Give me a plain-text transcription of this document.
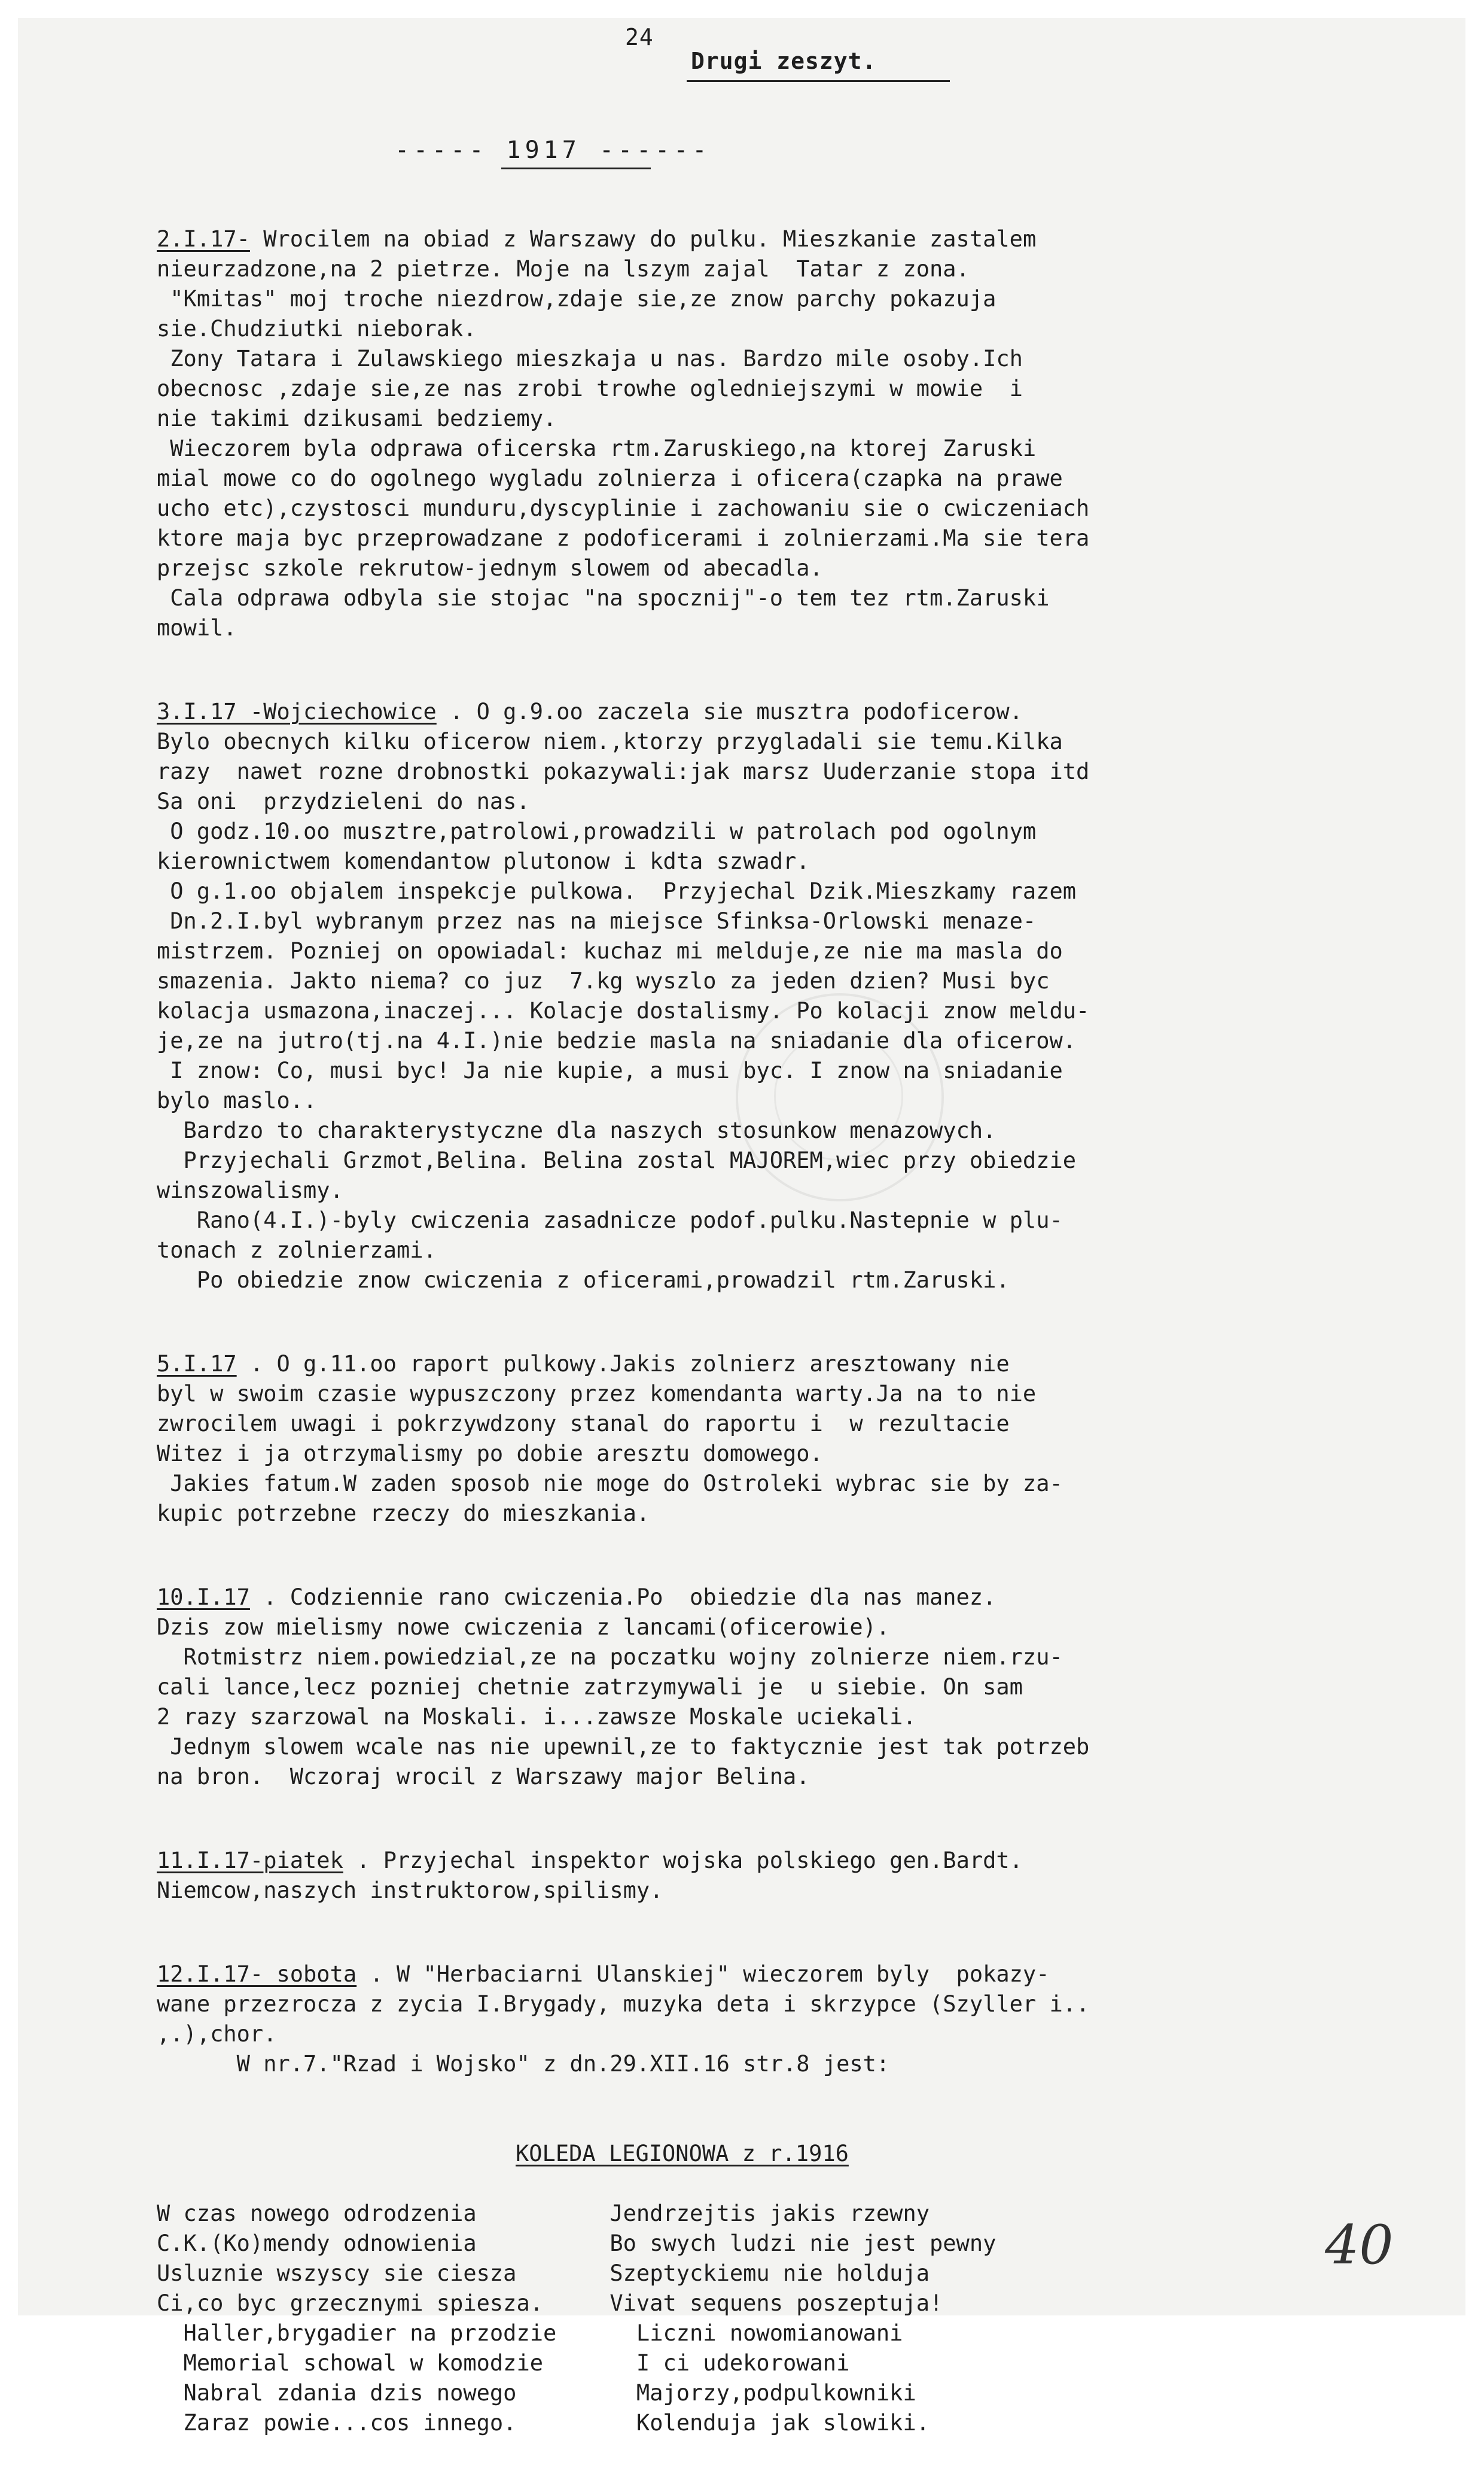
24
Drugi zeszyt.
----- 1917 ------

2.I.17- Wrocilem na obiad z Warszawy do pulku. Mieszkanie zastalem

nieurzadzone,na 2 pietrze. Moje na lszym zajal  Tatar z zona.
"Kmitas" moj troche niezdrow,zdaje sie,ze znow parchy pokazuja
sie.Chudziutki nieborak.
Zony Tatara i Zulawskiego mieszkaja u nas. Bardzo mile osoby.Ich
obecnosc ,zdaje sie,ze nas zrobi trowhe ogledniejszymi w mowie  i
nie takimi dzikusami bedziemy.
Wieczorem byla odprawa oficerska rtm.Zaruskiego,na ktorej Zaruski
mial mowe co do ogolnego wygladu zolnierza i oficera(czapka na prawe
ucho etc),czystosci munduru,dyscyplinie i zachowaniu sie o cwiczeniach
ktore maja byc przeprowadzane z podoficerami i zolnierzami.Ma sie tera
przejsc szkole rekrutow-jednym slowem od abecadla.
Cala odprawa odbyla sie stojac "na spocznij"-o tem tez rtm.Zaruski
mowil.

3.I.17 -Wojciechowice . O g.9.oo zaczela sie musztra podoficerow.

Bylo obecnych kilku oficerow niem.,ktorzy przygladali sie temu.Kilka
razy  nawet rozne drobnostki pokazywali:jak marsz Uuderzanie stopa itd
Sa oni  przydzieleni do nas.
O godz.10.oo musztre,patrolowi,prowadzili w patrolach pod ogolnym
kierownictwem komendantow plutonow i kdta szwadr.
O g.1.oo objalem inspekcje pulkowa.  Przyjechal Dzik.Mieszkamy razem
Dn.2.I.byl wybranym przez nas na miejsce Sfinksa-Orlowski menaze-
mistrzem. Pozniej on opowiadal: kuchaz mi melduje,ze nie ma masla do
smazenia. Jakto niema? co juz  7.kg wyszlo za jeden dzien? Musi byc
kolacja usmazona,inaczej... Kolacje dostalismy. Po kolacji znow meldu-
je,ze na jutro(tj.na 4.I.)nie bedzie masla na sniadanie dla oficerow.
I znow: Co, musi byc! Ja nie kupie, a musi byc. I znow na sniadanie
bylo maslo..
Bardzo to charakterystyczne dla naszych stosunkow menazowych.
Przyjechali Grzmot,Belina. Belina zostal MAJOREM,wiec przy obiedzie
winszowalismy.
Rano(4.I.)-byly cwiczenia zasadnicze podof.pulku.Nastepnie w plu-
tonach z zolnierzami.
Po obiedzie znow cwiczenia z oficerami,prowadzil rtm.Zaruski.

5.I.17 . O g.11.oo raport pulkowy.Jakis zolnierz aresztowany nie

byl w swoim czasie wypuszczony przez komendanta warty.Ja na to nie
zwrocilem uwagi i pokrzywdzony stanal do raportu i  w rezultacie
Witez i ja otrzymalismy po dobie aresztu domowego.
Jakies fatum.W zaden sposob nie moge do Ostroleki wybrac sie by za-
kupic potrzebne rzeczy do mieszkania.

10.I.17 . Codziennie rano cwiczenia.Po  obiedzie dla nas manez.

Dzis zow mielismy nowe cwiczenia z lancami(oficerowie).
Rotmistrz niem.powiedzial,ze na poczatku wojny zolnierze niem.rzu-
cali lance,lecz pozniej chetnie zatrzymywali je  u siebie. On sam
2 razy szarzowal na Moskali. i...zawsze Moskale uciekali.
Jednym slowem wcale nas nie upewnil,ze to faktycznie jest tak potrzeb
na bron.  Wczoraj wrocil z Warszawy major Belina.

11.I.17-piatek . Przyjechal inspektor wojska polskiego gen.Bardt.

Niemcow,naszych instruktorow,spilismy.

12.I.17- sobota . W "Herbaciarni Ulanskiej" wieczorem byly  pokazy-

wane przezrocza z zycia I.Brygady, muzyka deta i skrzypce (Szyller i..
,.),chor.
W nr.7."Rzad i Wojsko" z dn.29.XII.16 str.8 jest:

KOLEDA LEGIONOWA z r.1916

W czas nowego odrodzenia          Jendrzejtis jakis rzewny
C.K.(Ko)mendy odnowienia          Bo swych ludzi nie jest pewny
Usluznie wszyscy sie ciesza       Szeptyckiemu nie holduja
Ci,co byc grzecznymi spiesza.     Vivat sequens poszeptuja!
Haller,brygadier na przodzie      Liczni nowomianowani
Memorial schowal w komodzie       I ci udekorowani
Nabral zdania dzis nowego         Majorzy,podpulkowniki
Zaraz powie...cos innego.         Kolenduja jak slowiki.

40
